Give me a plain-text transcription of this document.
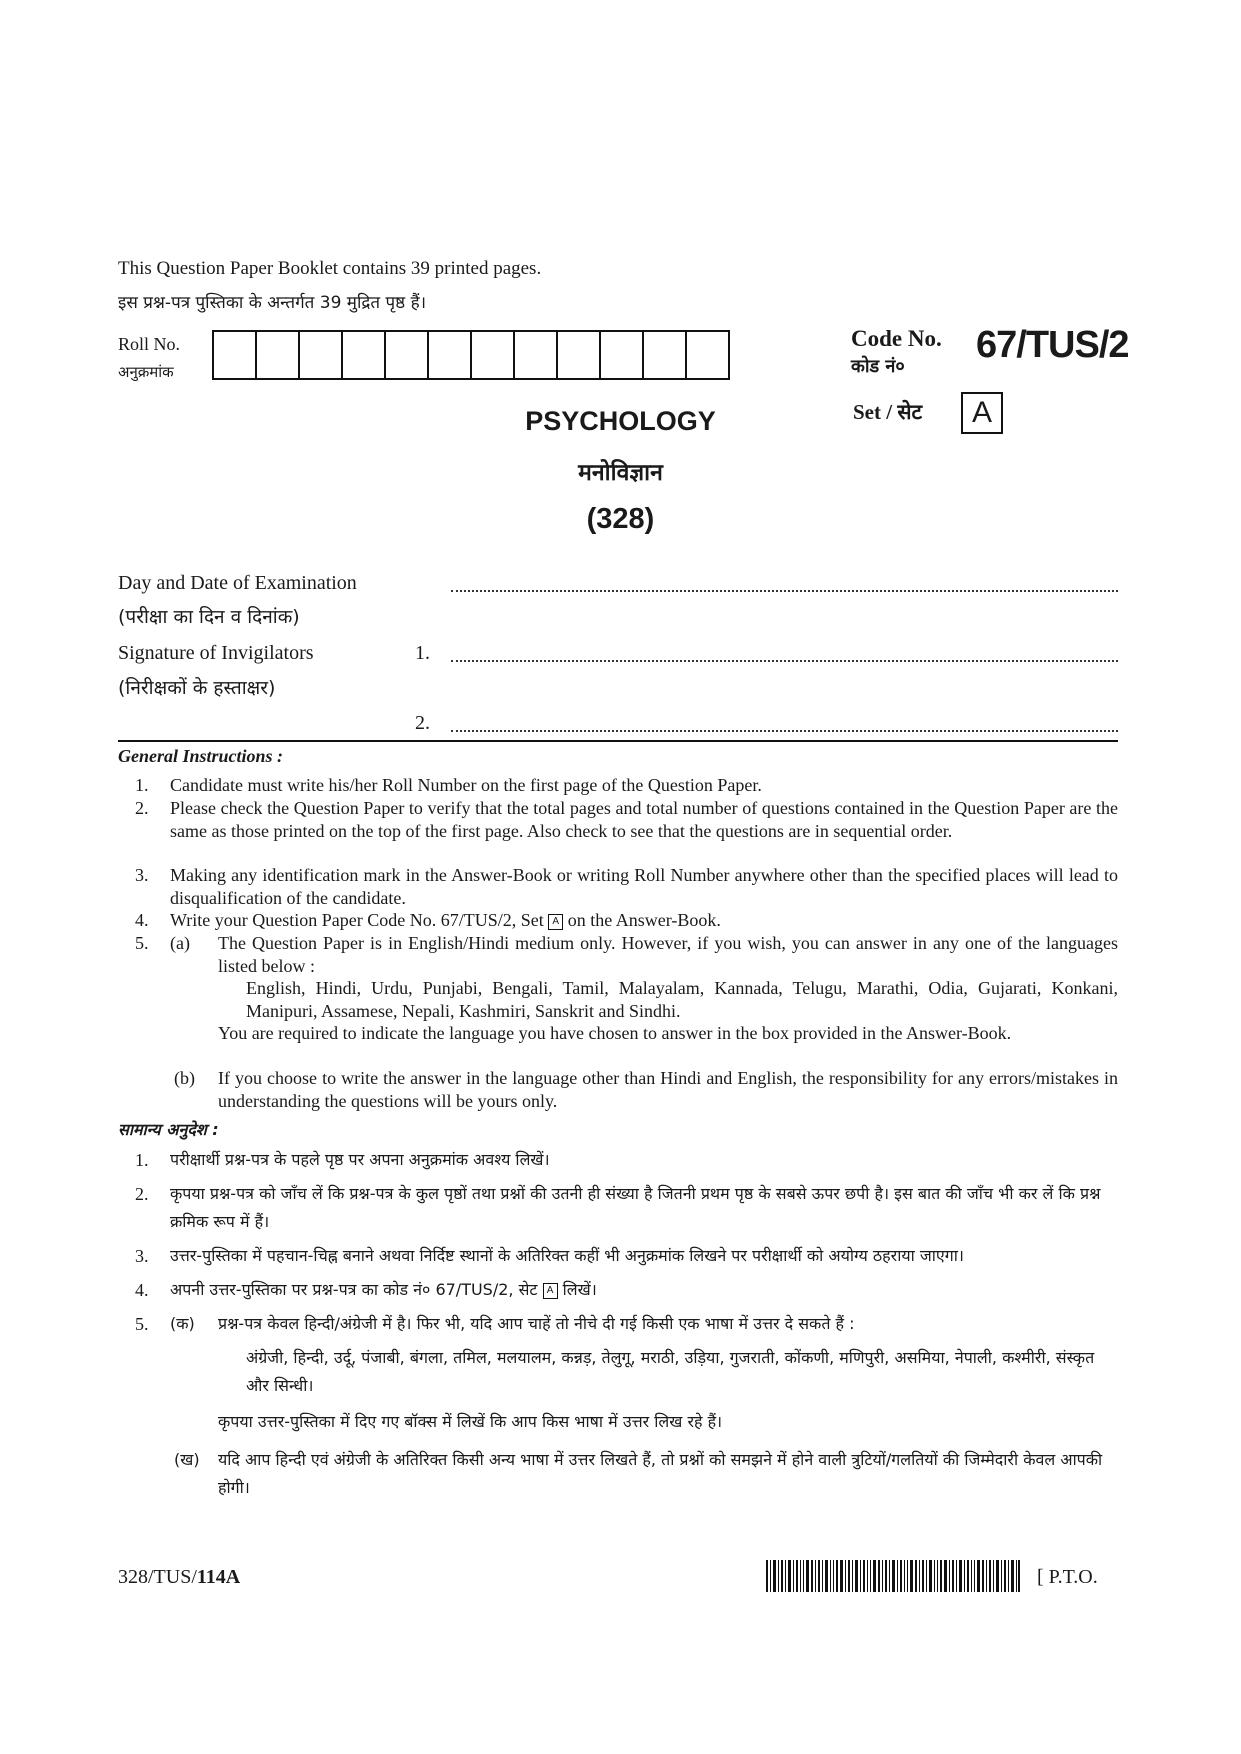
This Question Paper Booklet contains 39 printed pages.
इस प्रश्न-पत्र पुस्तिका के अन्तर्गत 39 मुद्रित पृष्ठ हैं।
Roll No.
अनुक्रमांक
Code No.
कोड नं०
67/TUS/2
Set / सेट	A
PSYCHOLOGY
मनोविज्ञान
(328)
Day and Date of Examination
(परीक्षा का दिन व दिनांक)
Signature of Invigilators
(निरीक्षकों के हस्ताक्षर)
1.
2.
General Instructions :
1. Candidate must write his/her Roll Number on the first page of the Question Paper.
2. Please check the Question Paper to verify that the total pages and total number of questions contained in the Question Paper are the same as those printed on the top of the first page. Also check to see that the questions are in sequential order.
3. Making any identification mark in the Answer-Book or writing Roll Number anywhere other than the specified places will lead to disqualification of the candidate.
4. Write your Question Paper Code No. 67/TUS/2, Set A on the Answer-Book.
5. (a) The Question Paper is in English/Hindi medium only. However, if you wish, you can answer in any one of the languages listed below :
English, Hindi, Urdu, Punjabi, Bengali, Tamil, Malayalam, Kannada, Telugu, Marathi, Odia, Gujarati, Konkani, Manipuri, Assamese, Nepali, Kashmiri, Sanskrit and Sindhi.
You are required to indicate the language you have chosen to answer in the box provided in the Answer-Book.
(b) If you choose to write the answer in the language other than Hindi and English, the responsibility for any errors/mistakes in understanding the questions will be yours only.
सामान्य अनुदेश :
1. परीक्षार्थी प्रश्न-पत्र के पहले पृष्ठ पर अपना अनुक्रमांक अवश्य लिखें।
2. कृपया प्रश्न-पत्र को जाँच लें कि प्रश्न-पत्र के कुल पृष्ठों तथा प्रश्नों की उतनी ही संख्या है जितनी प्रथम पृष्ठ के सबसे ऊपर छपी है। इस बात की जाँच भी कर लें कि प्रश्न क्रमिक रूप में हैं।
3. उत्तर-पुस्तिका में पहचान-चिह्न बनाने अथवा निर्दिष्ट स्थानों के अतिरिक्त कहीं भी अनुक्रमांक लिखने पर परीक्षार्थी को अयोग्य ठहराया जाएगा।
4. अपनी उत्तर-पुस्तिका पर प्रश्न-पत्र का कोड नं० 67/TUS/2, सेट A लिखें।
5. (क) प्रश्न-पत्र केवल हिन्दी/अंग्रेजी में है। फिर भी, यदि आप चाहें तो नीचे दी गई किसी एक भाषा में उत्तर दे सकते हैं :
अंग्रेजी, हिन्दी, उर्दू, पंजाबी, बंगला, तमिल, मलयालम, कन्नड़, तेलुगू, मराठी, उड़िया, गुजराती, कोंकणी, मणिपुरी, असमिया, नेपाली, कश्मीरी, संस्कृत और सिन्धी।
कृपया उत्तर-पुस्तिका में दिए गए बॉक्स में लिखें कि आप किस भाषा में उत्तर लिख रहे हैं।
(ख) यदि आप हिन्दी एवं अंग्रेजी के अतिरिक्त किसी अन्य भाषा में उत्तर लिखते हैं, तो प्रश्नों को समझने में होने वाली त्रुटियों/गलतियों की जिम्मेदारी केवल आपकी होगी।
328/TUS/114A	[ P.T.O.
